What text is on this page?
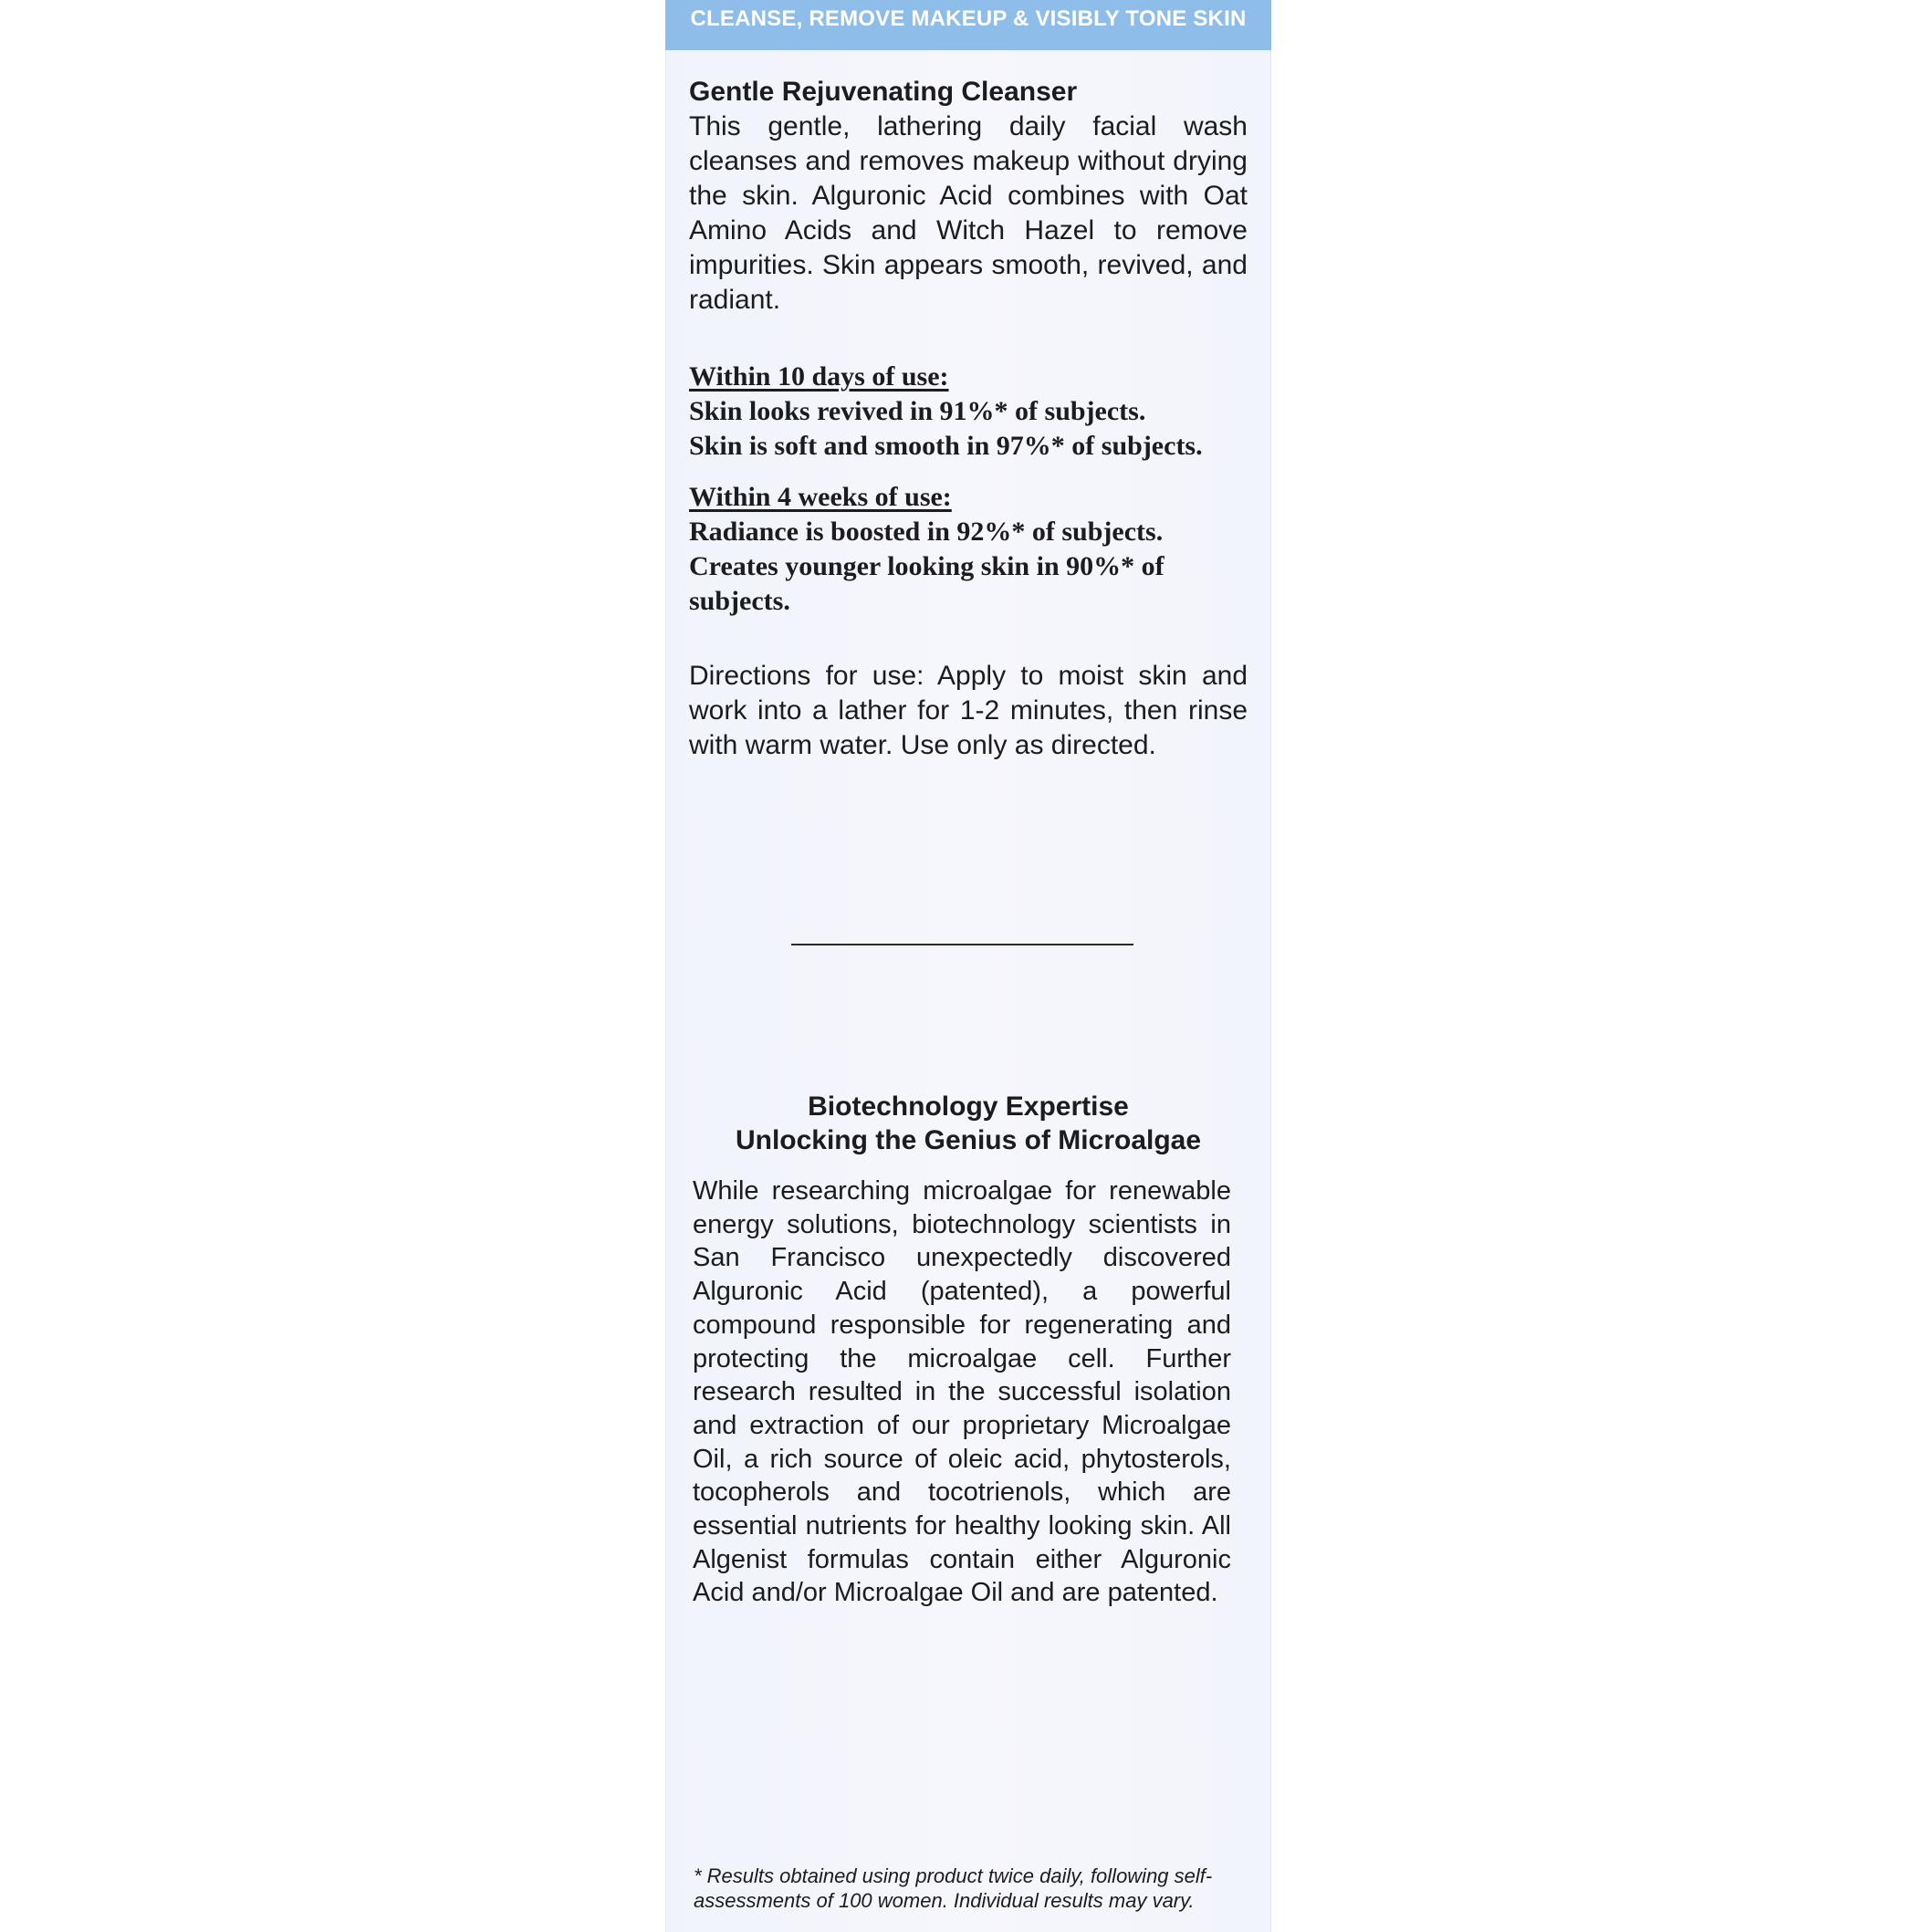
CLEANSE, REMOVE MAKEUP & VISIBLY TONE SKIN

Gentle Rejuvenating Cleanser

This gentle, lathering daily facial wash cleanses and removes makeup without drying the skin. Alguronic Acid combines with Oat Amino Acids and Witch Hazel to remove impurities. Skin appears smooth, revived, and radiant.

Within 10 days of use:

Skin looks revived in 91%* of subjects.

Skin is soft and smooth in 97%* of subjects.

Within 4 weeks of use:

Radiance is boosted in 92%* of subjects.

Creates younger looking skin in 90%* of subjects.

Directions for use: Apply to moist skin and work into a lather for 1-2 minutes, then rinse with warm water. Use only as directed.

Biotechnology Expertise
Unlocking the Genius of Microalgae

While researching microalgae for renewable energy solutions, biotechnology scientists in San Francisco unexpectedly discovered Alguronic Acid (patented), a powerful compound responsible for regenerating and protecting the microalgae cell. Further research resulted in the successful isolation and extraction of our proprietary Microalgae Oil, a rich source of oleic acid, phytosterols, tocopherols and tocotrienols, which are essential nutrients for healthy looking skin. All Algenist formulas contain either Alguronic Acid and/or Microalgae Oil and are patented.

* Results obtained using product twice daily, following self-assessments of 100 women. Individual results may vary.
